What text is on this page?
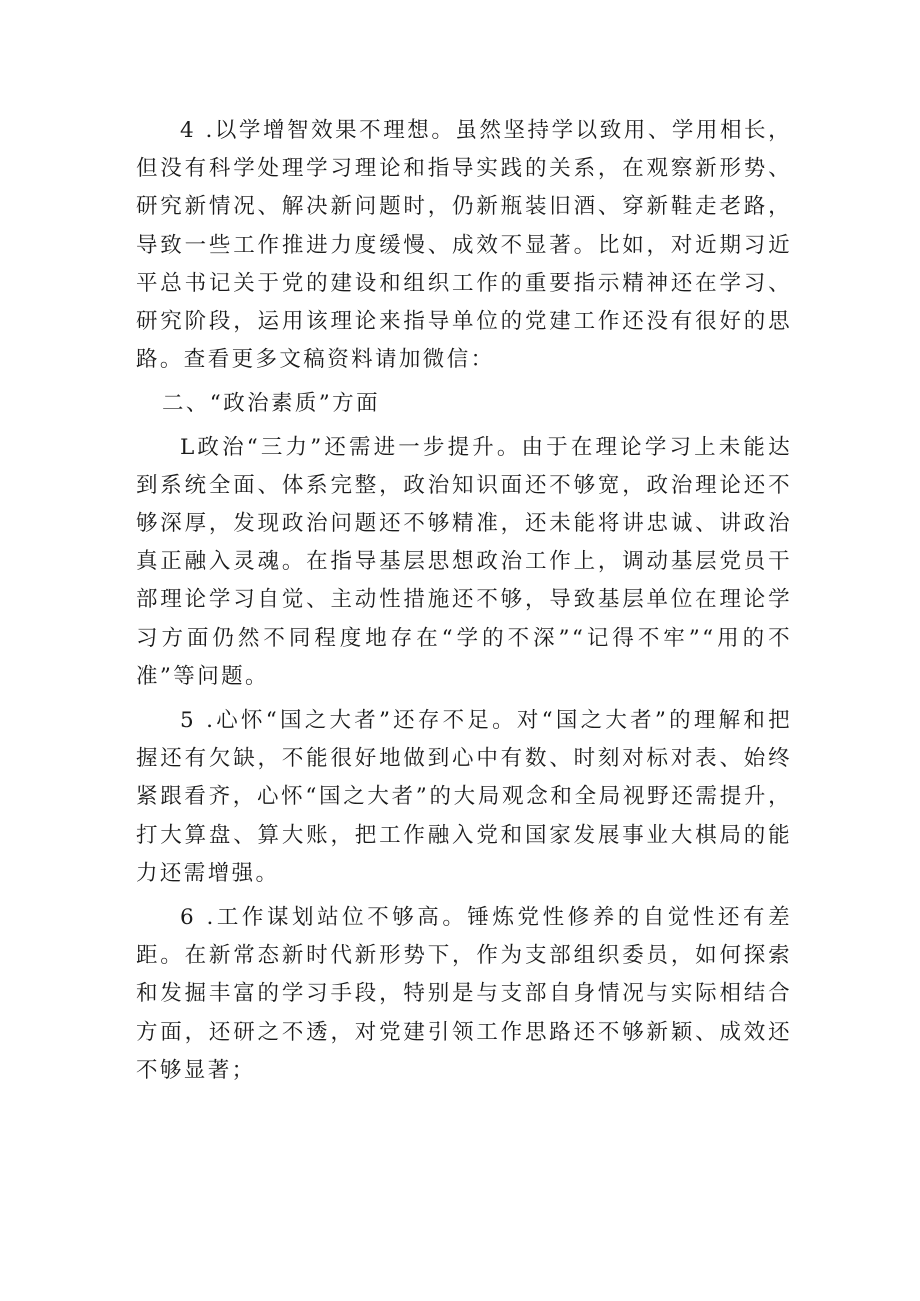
4 .以学增智效果不理想。虽然坚持学以致用、学用相长，但没有科学处理学习理论和指导实践的关系，在观察新形势、研究新情况、解决新问题时，仍新瓶装旧酒、穿新鞋走老路，导致一些工作推进力度缓慢、成效不显著。比如，对近期习近平总书记关于党的建设和组织工作的重要指示精神还在学习、研究阶段，运用该理论来指导单位的党建工作还没有很好的思路。查看更多文稿资料请加微信：

二、“政治素质”方面

L政治“三力”还需进一步提升。由于在理论学习上未能达到系统全面、体系完整，政治知识面还不够宽，政治理论还不够深厚，发现政治问题还不够精准，还未能将讲忠诚、讲政治真正融入灵魂。在指导基层思想政治工作上，调动基层党员干部理论学习自觉、主动性措施还不够，导致基层单位在理论学习方面仍然不同程度地存在“学的不深”“记得不牢”“用的不准”等问题。

5 .心怀“国之大者”还存不足。对“国之大者”的理解和把握还有欠缺，不能很好地做到心中有数、时刻对标对表、始终紧跟看齐，心怀“国之大者”的大局观念和全局视野还需提升，打大算盘、算大账，把工作融入党和国家发展事业大棋局的能力还需增强。

6 .工作谋划站位不够高。锤炼党性修养的自觉性还有差距。在新常态新时代新形势下，作为支部组织委员，如何探索和发掘丰富的学习手段，特别是与支部自身情况与实际相结合方面，还研之不透，对党建引领工作思路还不够新颖、成效还不够显著；
